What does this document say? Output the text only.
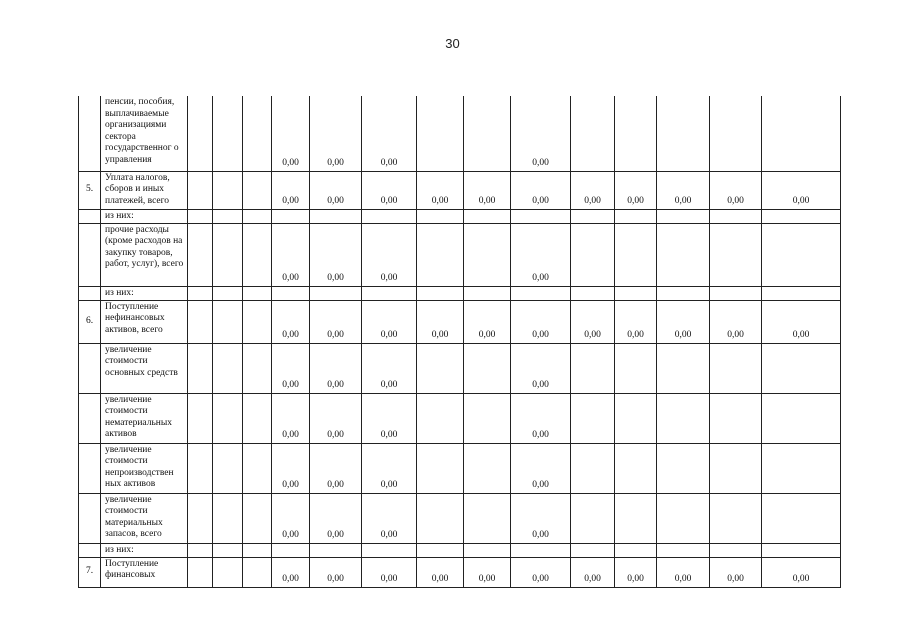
30
	пенсии, пособия, выплачиваемые организациями сектора государственног о управления				0,00	0,00	0,00			0,00					
5.	Уплата налогов, сборов и иных платежей, всего				0,00	0,00	0,00	0,00	0,00	0,00	0,00	0,00	0,00	0,00	0,00
	из них:														
	прочие расходы (кроме расходов на закупку товаров, работ, услуг), всего				0,00	0,00	0,00			0,00					
	из них:														
6.	Поступление нефинансовых активов, всего				0,00	0,00	0,00	0,00	0,00	0,00	0,00	0,00	0,00	0,00	0,00
	увеличение стоимости основных средств				0,00	0,00	0,00			0,00					
	увеличение стоимости нематериальных активов				0,00	0,00	0,00			0,00					
	увеличение стоимости непроизводствен ных активов				0,00	0,00	0,00			0,00					
	увеличение стоимости материальных запасов, всего				0,00	0,00	0,00			0,00					
	из них:														
7.	Поступление финансовых				0,00	0,00	0,00	0,00	0,00	0,00	0,00	0,00	0,00	0,00	0,00
